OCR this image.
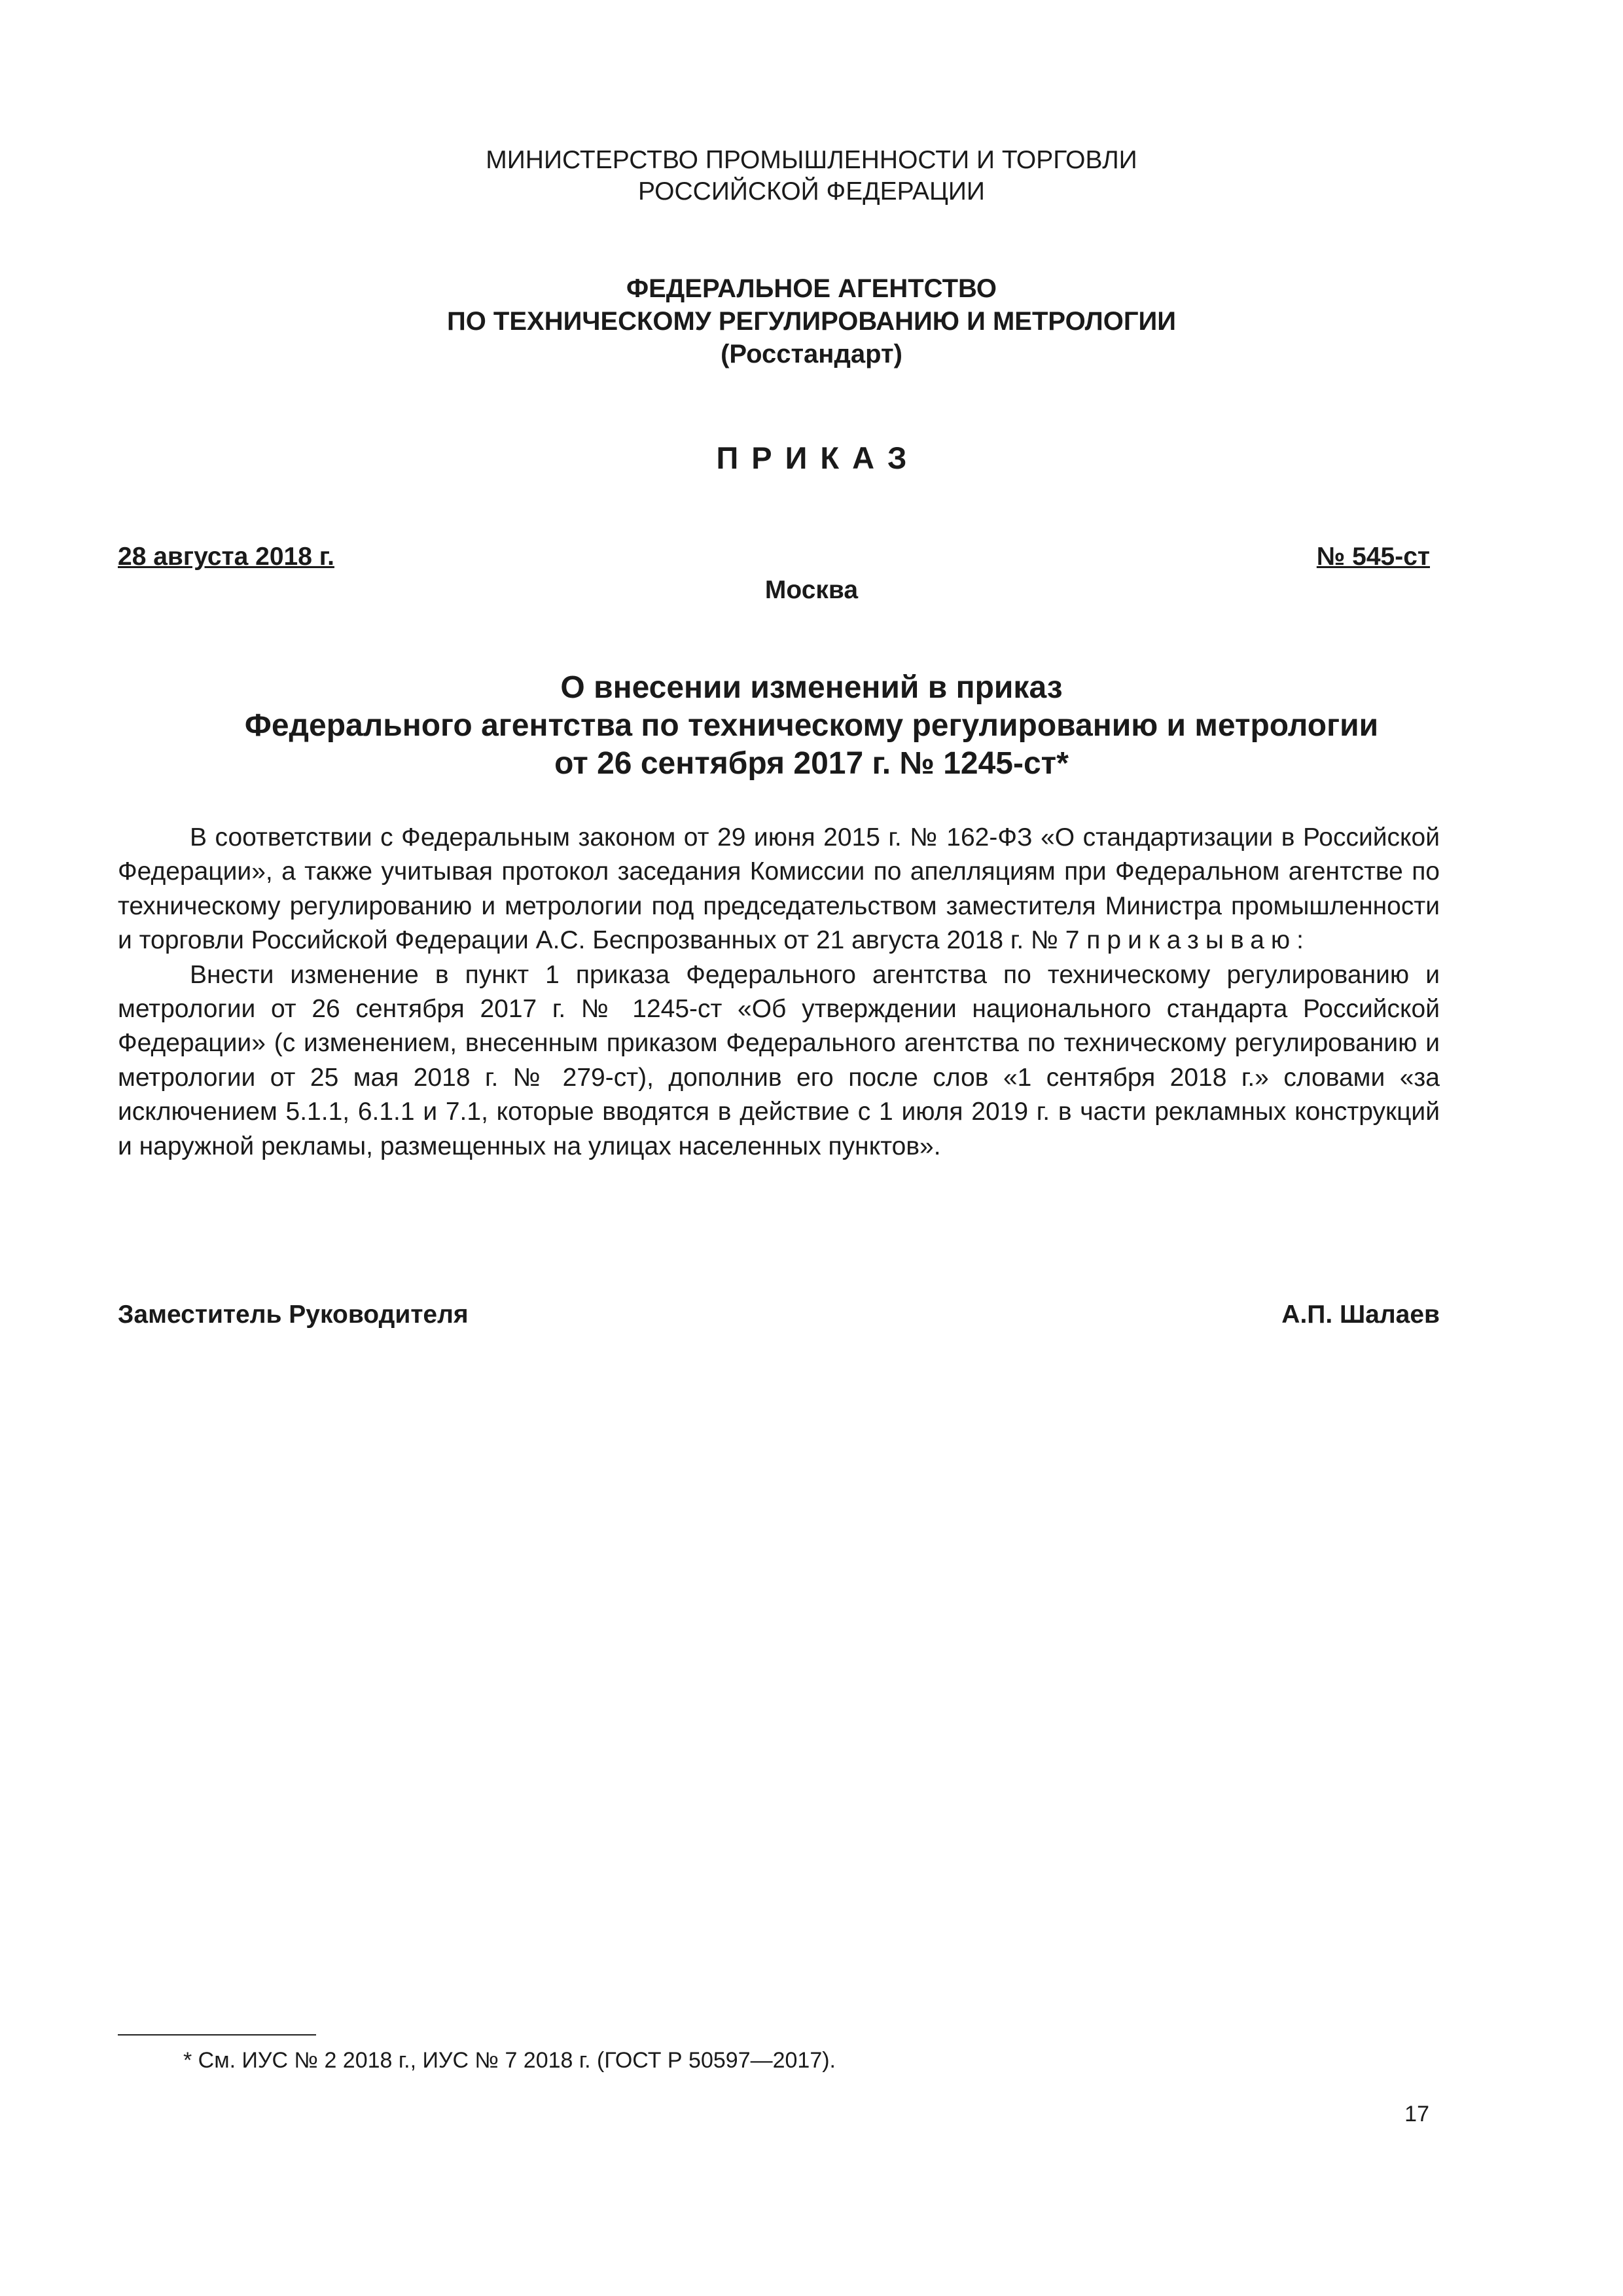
МИНИСТЕРСТВО ПРОМЫШЛЕННОСТИ И ТОРГОВЛИ
РОССИЙСКОЙ ФЕДЕРАЦИИ
ФЕДЕРАЛЬНОЕ АГЕНТСТВО
ПО ТЕХНИЧЕСКОМУ РЕГУЛИРОВАНИЮ И МЕТРОЛОГИИ
(Росстандарт)
ПРИКАЗ
28 августа 2018 г.	№ 545-ст
Москва
О внесении изменений в приказ
Федерального агентства по техническому регулированию и метрологии
от 26 сентября 2017 г. № 1245-ст*

В соответствии с Федеральным законом от 29 июня 2015 г. № 162-ФЗ «О стандартизации в Российской Федерации», а также учитывая протокол заседания Комиссии по апелляциям при Федеральном агентстве по техническому регулированию и метрологии под председательством заместителя Министра промышленности и торговли Российской Федерации А.С. Беспрозванных от 21 августа 2018 г. № 7 приказываю:

Внести изменение в пункт 1 приказа Федерального агентства по техническому регулированию и метрологии от 26 сентября 2017 г. № 1245-ст «Об утверждении национального стандарта Российской Федерации» (с изменением, внесенным приказом Федерального агентства по техническому регулированию и метрологии от 25 мая 2018 г. № 279-ст), дополнив его после слов «1 сентября 2018 г.» словами «за исключением 5.1.1, 6.1.1 и 7.1, которые вводятся в действие с 1 июля 2019 г. в части рекламных конструкций и наружной рекламы, размещенных на улицах населенных пунктов».

Заместитель Руководителя	А.П. Шалаев
* См. ИУС № 2 2018 г., ИУС № 7 2018 г. (ГОСТ Р 50597—2017).
17
